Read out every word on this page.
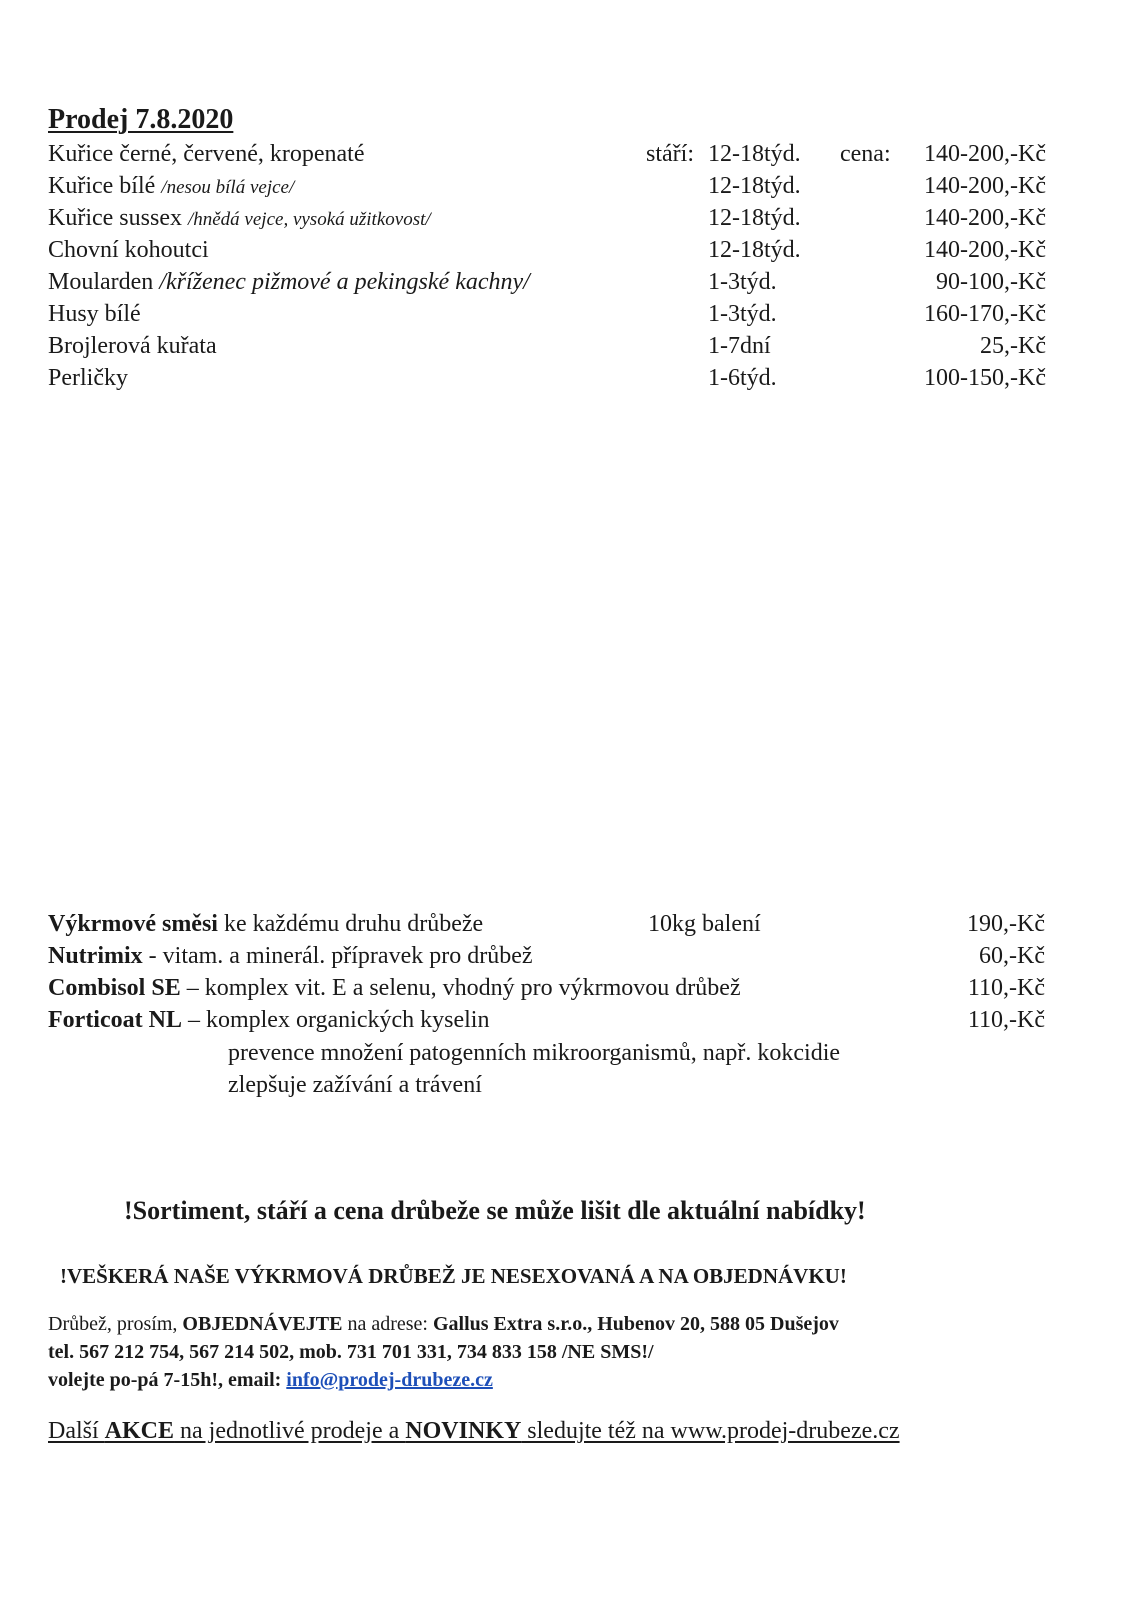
Prodej 7.8.2020
Kuřice černé, červené, kropenaté	stáří: 12-18týd. cena: 140-200,-Kč
Kuřice bílé /nesou bílá vejce/	12-18týd.	140-200,-Kč
Kuřice sussex /hnědá vejce, vysoká užitkovost/	12-18týd.	140-200,-Kč
Chovní kohoutci	12-18týd.	140-200,-Kč
Moularden /kříženec pižmové a pekingské kachny/	1-3týd.	90-100,-Kč
Husy bílé	1-3týd.	160-170,-Kč
Brojlerová kuřata	1-7dní	25,-Kč
Perličky	1-6týd.	100-150,-Kč
Výkrmové směsi ke každému druhu drůbeže	10kg balení	190,-Kč
Nutrimix - vitam. a minerál. přípravek pro drůbež	60,-Kč
Combisol SE – komplex vit. E a selenu, vhodný pro výkrmovou drůbež	110,-Kč
Forticoat NL – komplex organických kyselin	110,-Kč
prevence množení patogenních mikroorganismů, např. kokcidie
zlepšuje zažívání a trávení
!Sortiment, stáří a cena drůbeže se může lišit dle aktuální nabídky!
!VEŠKERÁ NAŠE VÝKRMOVÁ DRŮBEŽ JE NESEXOVANÁ A NA OBJEDNÁVKU!
Drůbež, prosím, OBJEDNÁVEJTE na adrese: Gallus Extra s.r.o., Hubenov 20, 588 05 Dušejov
tel. 567 212 754, 567 214 502, mob. 731 701 331, 734 833 158 /NE SMS!/
volejte po-pá 7-15h!, email: info@prodej-drubeze.cz
Další AKCE na jednotlivé prodeje a NOVINKY sledujte též na www.prodej-drubeze.cz
